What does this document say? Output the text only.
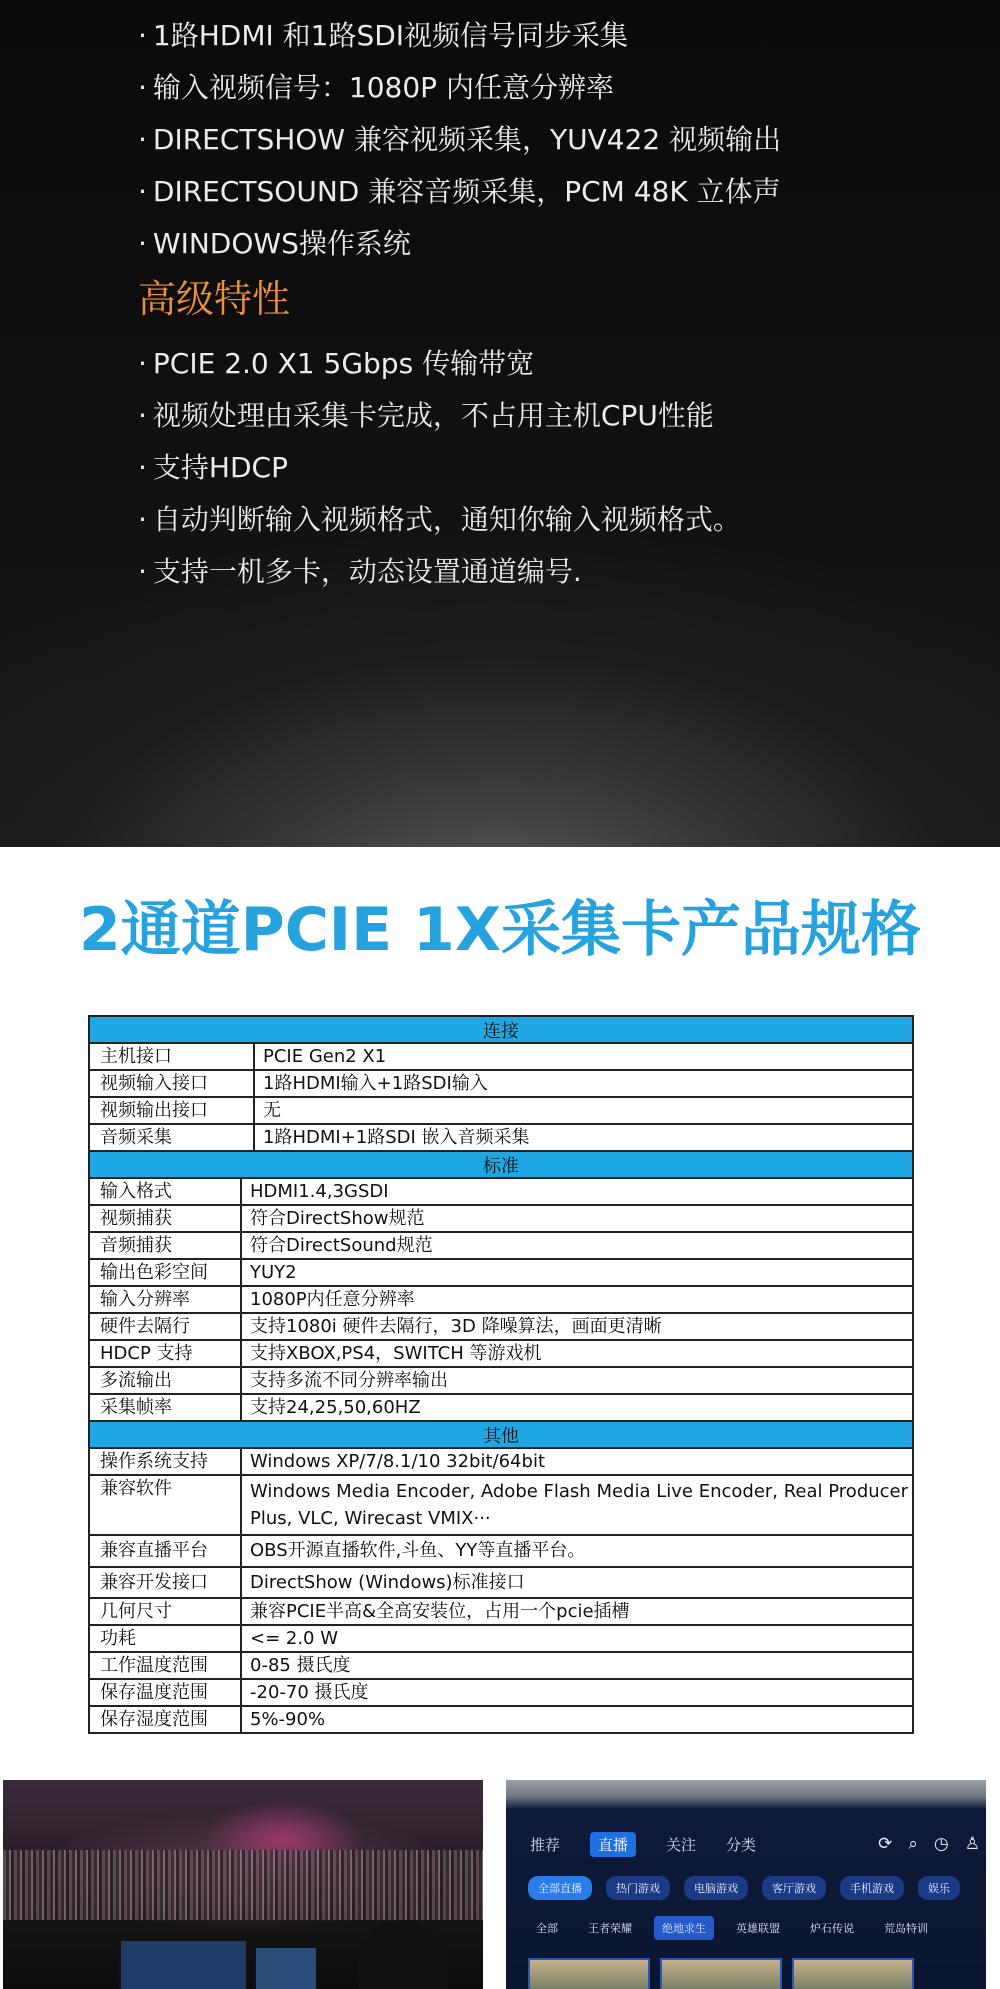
· 1路HDMI 和1路SDI视频信号同步采集
· 输入视频信号：1080P 内任意分辨率
· DIRECTSHOW 兼容视频采集，YUV422 视频输出
· DIRECTSOUND 兼容音频采集，PCM 48K 立体声
· WINDOWS操作系统
高级特性
· PCIE 2.0 X1 5Gbps 传输带宽
· 视频处理由采集卡完成，不占用主机CPU性能
· 支持HDCP
· 自动判断输入视频格式，通知你输入视频格式。
· 支持一机多卡，动态设置通道编号.
2通道PCIE 1X采集卡产品规格
连接
主机接口	PCIE Gen2 X1
视频输入接口	1路HDMI输入+1路SDI输入
视频输出接口	无
音频采集	1路HDMI+1路SDI 嵌入音频采集
标准
输入格式	HDMI1.4,3GSDI
视频捕获	符合DirectShow规范
音频捕获	符合DirectSound规范
输出色彩空间	YUY2
输入分辨率	1080P内任意分辨率
硬件去隔行	支持1080i 硬件去隔行，3D 降噪算法，画面更清晰
HDCP 支持	支持XBOX,PS4，SWITCH 等游戏机
多流输出	支持多流不同分辨率输出
采集帧率	支持24,25,50,60HZ
其他
操作系统支持	Windows XP/7/8.1/10 32bit/64bit
兼容软件	Windows Media Encoder, Adobe Flash Media Live Encoder, Real Producer Plus, VLC, Wirecast VMIX···
兼容直播平台	OBS开源直播软件,斗鱼、YY等直播平台。
兼容开发接口	DirectShow (Windows)标准接口
几何尺寸	兼容PCIE半高&全高安装位，占用一个pcie插槽
功耗	<= 2.0 W
工作温度范围	0-85 摄氏度
保存温度范围	-20-70 摄氏度
保存湿度范围	5%-90%
推荐	直播	关注 分类	⟳ ⌕ ◷ ♙
全部直播	热门游戏	电脑游戏	客厅游戏	手机游戏	娱乐
全部	王者荣耀	绝地求生	英雄联盟	炉石传说	荒岛特训
